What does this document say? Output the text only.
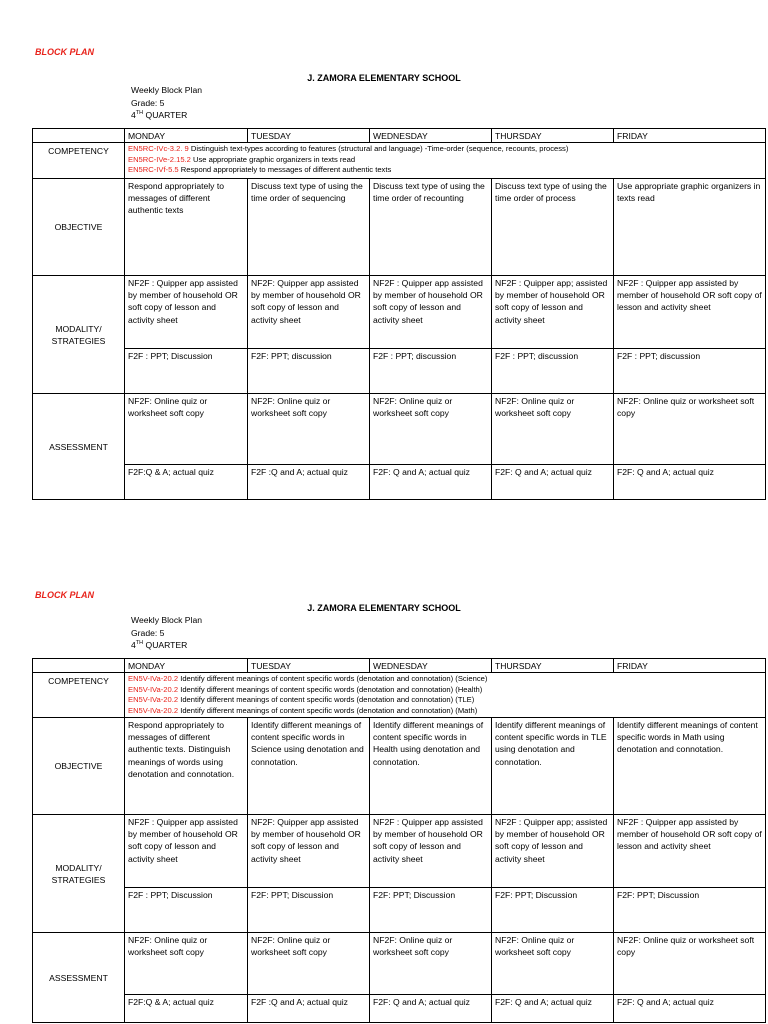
BLOCK PLAN
J. ZAMORA ELEMENTARY SCHOOL
Weekly Block Plan
Grade: 5
4TH QUARTER
	MONDAY	TUESDAY	WEDNESDAY	THURSDAY	FRIDAY
COMPETENCY	EN5RC-IVc-3.2. 9 Distinguish text-types according to features (structural and language) -Time-order (sequence, recounts, process)
EN5RC-IVe-2.15.2 Use appropriate graphic organizers in texts read
EN5RC-IVf-5.5 Respond appropriately to messages of different authentic texts				

OBJECTIVE	Respond appropriately to messages of different authentic texts	Discuss text type of using the time order of sequencing	Discuss text type of using the time order of recounting	Discuss text type of using the time order of process	Use appropriate graphic organizers in texts read
MODALITY/ STRATEGIES	NF2F : Quipper app assisted by member of household OR soft copy of lesson and activity sheet	NF2F: Quipper app assisted by member of household OR soft copy of lesson and activity sheet	NF2F : Quipper app assisted by member of household OR soft copy of lesson and activity sheet	NF2F : Quipper app; assisted by member of household OR soft copy of lesson and activity sheet	NF2F : Quipper app assisted by member of household OR soft copy of lesson and activity sheet
	F2F : PPT; Discussion	F2F: PPT; discussion	F2F : PPT; discussion	F2F : PPT; discussion	F2F : PPT; discussion
ASSESSMENT	NF2F: Online quiz or worksheet soft copy	NF2F: Online quiz or worksheet soft copy	NF2F: Online quiz or worksheet soft copy	NF2F: Online quiz or worksheet soft copy	NF2F: Online quiz or worksheet soft copy
	F2F:Q & A; actual quiz	F2F :Q and A; actual quiz	F2F: Q and A; actual quiz	F2F: Q and A; actual quiz	F2F: Q and A; actual quiz
BLOCK PLAN
J. ZAMORA ELEMENTARY SCHOOL
Weekly Block Plan
Grade: 5
4TH QUARTER
	MONDAY	TUESDAY	WEDNESDAY	THURSDAY	FRIDAY
COMPETENCY	EN5V-IVa-20.2 Identify different meanings of content specific words (denotation and connotation) (Science)
EN5V-IVa-20.2 Identify different meanings of content specific words (denotation and connotation) (Health)
EN5V-IVa-20.2 Identify different meanings of content specific words (denotation and connotation) (TLE)
EN5V-IVa-20.2 Identify different meanings of content specific words (denotation and connotation) (Math)				

OBJECTIVE	Respond appropriately to messages of different authentic texts. Distinguish meanings of words using denotation and connotation.	Identify different meanings of content specific words in Science using denotation and connotation.	Identify different meanings of content specific words in Health using denotation and connotation.	Identify different meanings of content specific words in TLE using denotation and connotation.	Identify different meanings of content specific words in Math using denotation and connotation.
MODALITY/ STRATEGIES	NF2F : Quipper app assisted by member of household OR soft copy of lesson and activity sheet	NF2F: Quipper app assisted by member of household OR soft copy of lesson and activity sheet	NF2F : Quipper app assisted by member of household OR soft copy of lesson and activity sheet	NF2F : Quipper app; assisted by member of household OR soft copy of lesson and activity sheet	NF2F : Quipper app assisted by member of household OR soft copy of lesson and activity sheet
	F2F : PPT; Discussion	F2F: PPT; Discussion	F2F: PPT; Discussion	F2F: PPT; Discussion	F2F: PPT; Discussion
ASSESSMENT	NF2F: Online quiz or worksheet soft copy	NF2F: Online quiz or worksheet soft copy	NF2F: Online quiz or worksheet soft copy	NF2F: Online quiz or worksheet soft copy	NF2F: Online quiz or worksheet soft copy
	F2F:Q & A; actual quiz	F2F :Q and A; actual quiz	F2F: Q and A; actual quiz	F2F: Q and A; actual quiz	F2F: Q and A; actual quiz
